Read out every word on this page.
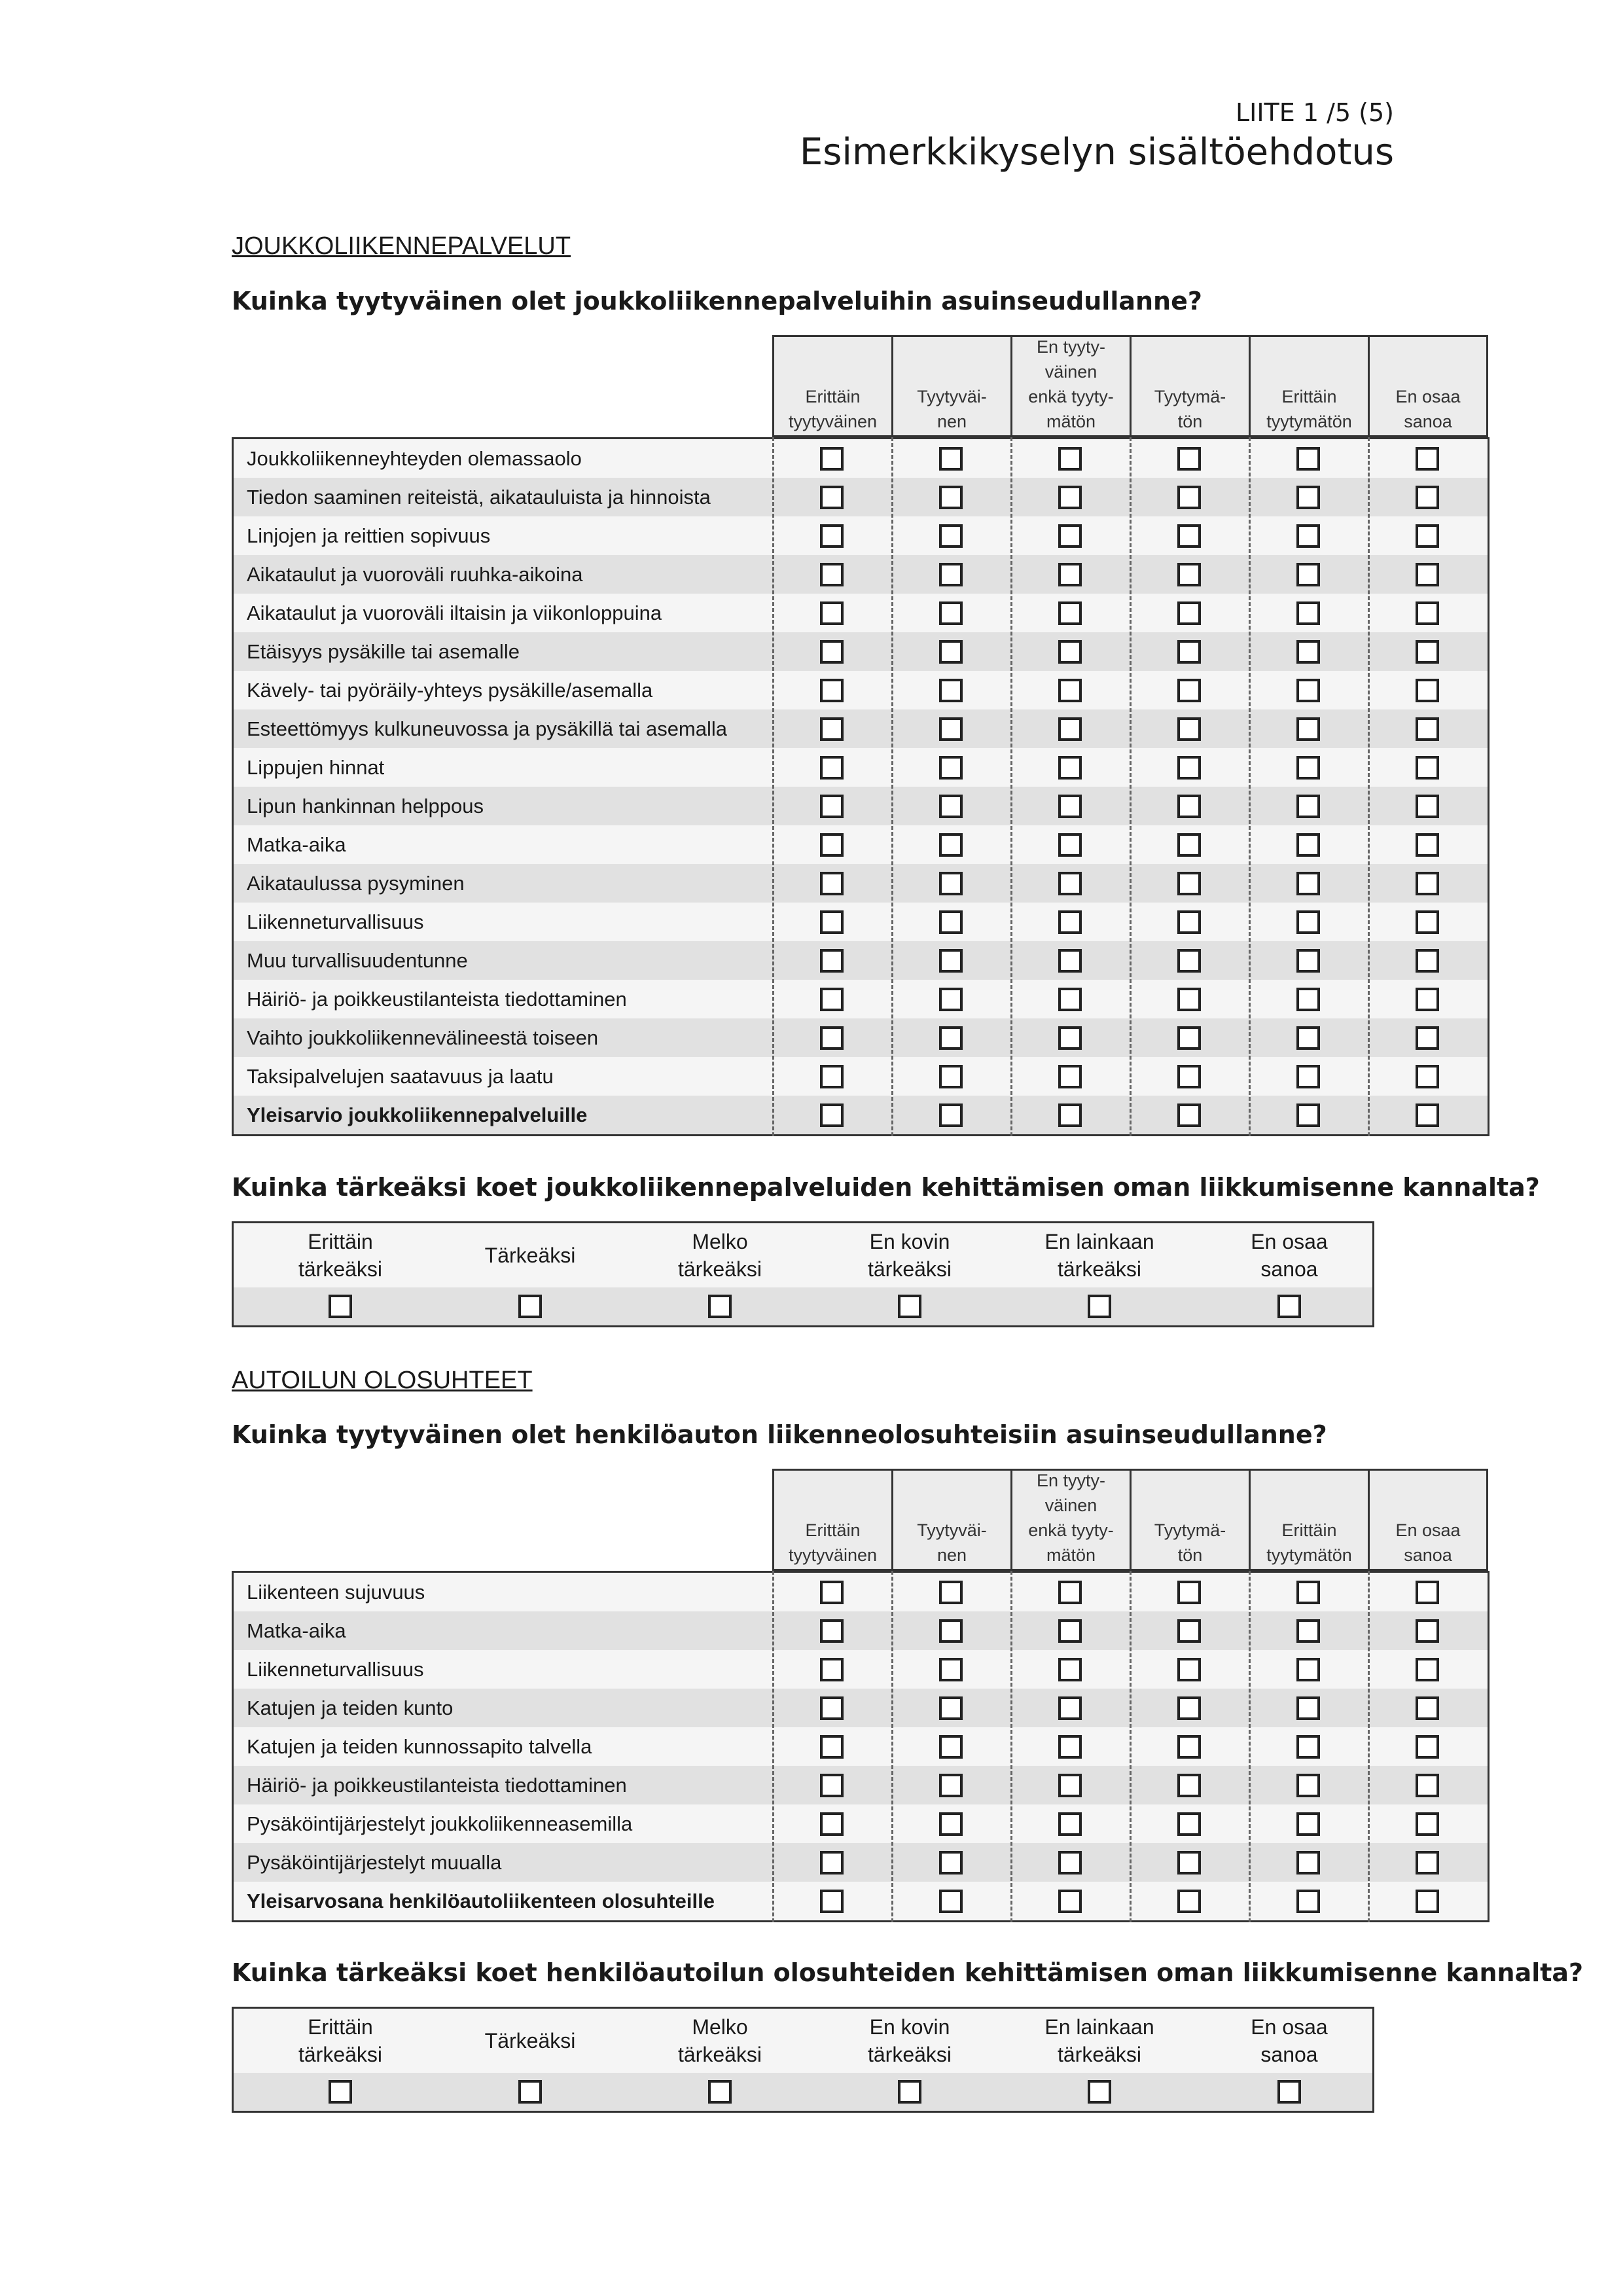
LIITE 1 /5 (5)
Esimerkkikyselyn sisältöehdotus
JOUKKOLIIKENNEPALVELUT
Kuinka tyytyväinen olet joukkoliikennepalveluihin asuinseudullanne?
Erittäin
tyytyväinen
Tyytyväi-
nen
En tyyty-
väinen
enkä tyyty-
mätön
Tyytymä-
tön
Erittäin
tyytymätön
En osaa
sanoa
Joukkoliikenneyhteyden olemassaolo
Tiedon saaminen reiteistä, aikatauluista ja hinnoista
Linjojen ja reittien sopivuus
Aikataulut ja vuoroväli ruuhka-aikoina
Aikataulut ja vuoroväli iltaisin ja viikonloppuina
Etäisyys pysäkille tai asemalle
Kävely- tai pyöräily-yhteys pysäkille/asemalla
Esteettömyys kulkuneuvossa ja pysäkillä tai asemalla
Lippujen hinnat
Lipun hankinnan helppous
Matka-aika
Aikataulussa pysyminen
Liikenneturvallisuus
Muu turvallisuudentunne
Häiriö- ja poikkeustilanteista tiedottaminen
Vaihto joukkoliikennevälineestä toiseen
Taksipalvelujen saatavuus ja laatu
Yleisarvio joukkoliikennepalveluille
Kuinka tärkeäksi koet joukkoliikennepalveluiden kehittämisen oman liikkumisenne kannalta?
Erittäin
tärkeäksi
Tärkeäksi
Melko
tärkeäksi
En kovin
tärkeäksi
En lainkaan
tärkeäksi
En osaa
sanoa
AUTOILUN OLOSUHTEET
Kuinka tyytyväinen olet henkilöauton liikenneolosuhteisiin asuinseudullanne?
Erittäin
tyytyväinen
Tyytyväi-
nen
En tyyty-
väinen
enkä tyyty-
mätön
Tyytymä-
tön
Erittäin
tyytymätön
En osaa
sanoa
Liikenteen sujuvuus
Matka-aika
Liikenneturvallisuus
Katujen ja teiden kunto
Katujen ja teiden kunnossapito talvella
Häiriö- ja poikkeustilanteista tiedottaminen
Pysäköintijärjestelyt joukkoliikenneasemilla
Pysäköintijärjestelyt muualla
Yleisarvosana henkilöautoliikenteen olosuhteille
Kuinka tärkeäksi koet henkilöautoilun olosuhteiden kehittämisen oman liikkumisenne kannalta?
Erittäin
tärkeäksi
Tärkeäksi
Melko
tärkeäksi
En kovin
tärkeäksi
En lainkaan
tärkeäksi
En osaa
sanoa
